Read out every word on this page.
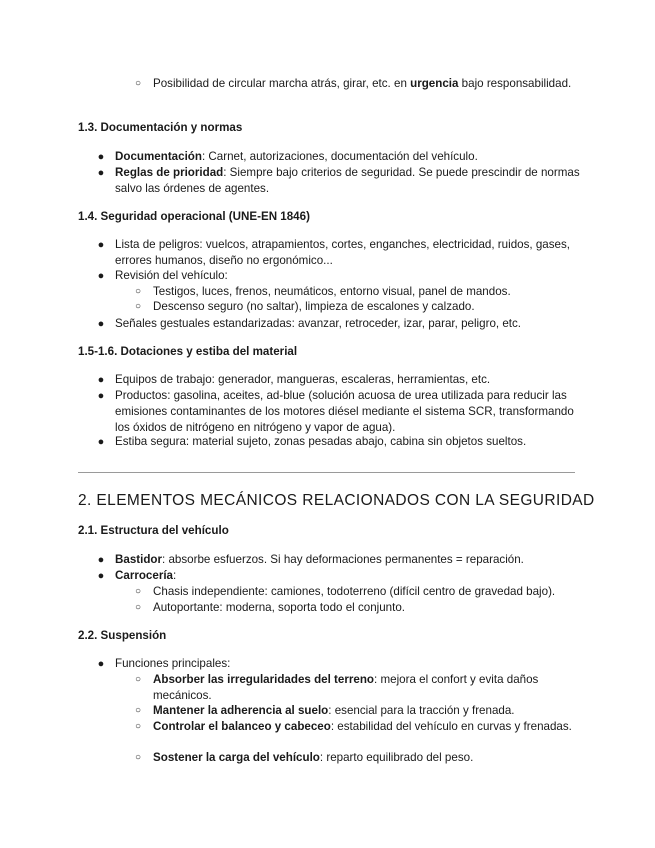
○ Posibilidad de circular marcha atrás, girar, etc. en urgencia bajo responsabilidad.
1.3. Documentación y normas
● Documentación: Carnet, autorizaciones, documentación del vehículo.
● Reglas de prioridad: Siempre bajo criterios de seguridad. Se puede prescindir de normas salvo las órdenes de agentes.
1.4. Seguridad operacional (UNE-EN 1846)
● Lista de peligros: vuelcos, atrapamientos, cortes, enganches, electricidad, ruidos, gases, errores humanos, diseño no ergonómico...
● Revisión del vehículo:
○ Testigos, luces, frenos, neumáticos, entorno visual, panel de mandos.
○ Descenso seguro (no saltar), limpieza de escalones y calzado.
● Señales gestuales estandarizadas: avanzar, retroceder, izar, parar, peligro, etc.
1.5-1.6. Dotaciones y estiba del material
● Equipos de trabajo: generador, mangueras, escaleras, herramientas, etc.
● Productos: gasolina, aceites, ad-blue (solución acuosa de urea utilizada para reducir las emisiones contaminantes de los motores diésel mediante el sistema SCR, transformando los óxidos de nitrógeno en nitrógeno y vapor de agua).
● Estiba segura: material sujeto, zonas pesadas abajo, cabina sin objetos sueltos.
2. ELEMENTOS MECÁNICOS RELACIONADOS CON LA SEGURIDAD
2.1. Estructura del vehículo
● Bastidor: absorbe esfuerzos. Si hay deformaciones permanentes = reparación.
● Carrocería:
○ Chasis independiente: camiones, todoterreno (difícil centro de gravedad bajo).
○ Autoportante: moderna, soporta todo el conjunto.
2.2. Suspensión
● Funciones principales:
○ Absorber las irregularidades del terreno: mejora el confort y evita daños mecánicos.
○ Mantener la adherencia al suelo: esencial para la tracción y frenada.
○ Controlar el balanceo y cabeceo: estabilidad del vehículo en curvas y frenadas.
○ Sostener la carga del vehículo: reparto equilibrado del peso.
